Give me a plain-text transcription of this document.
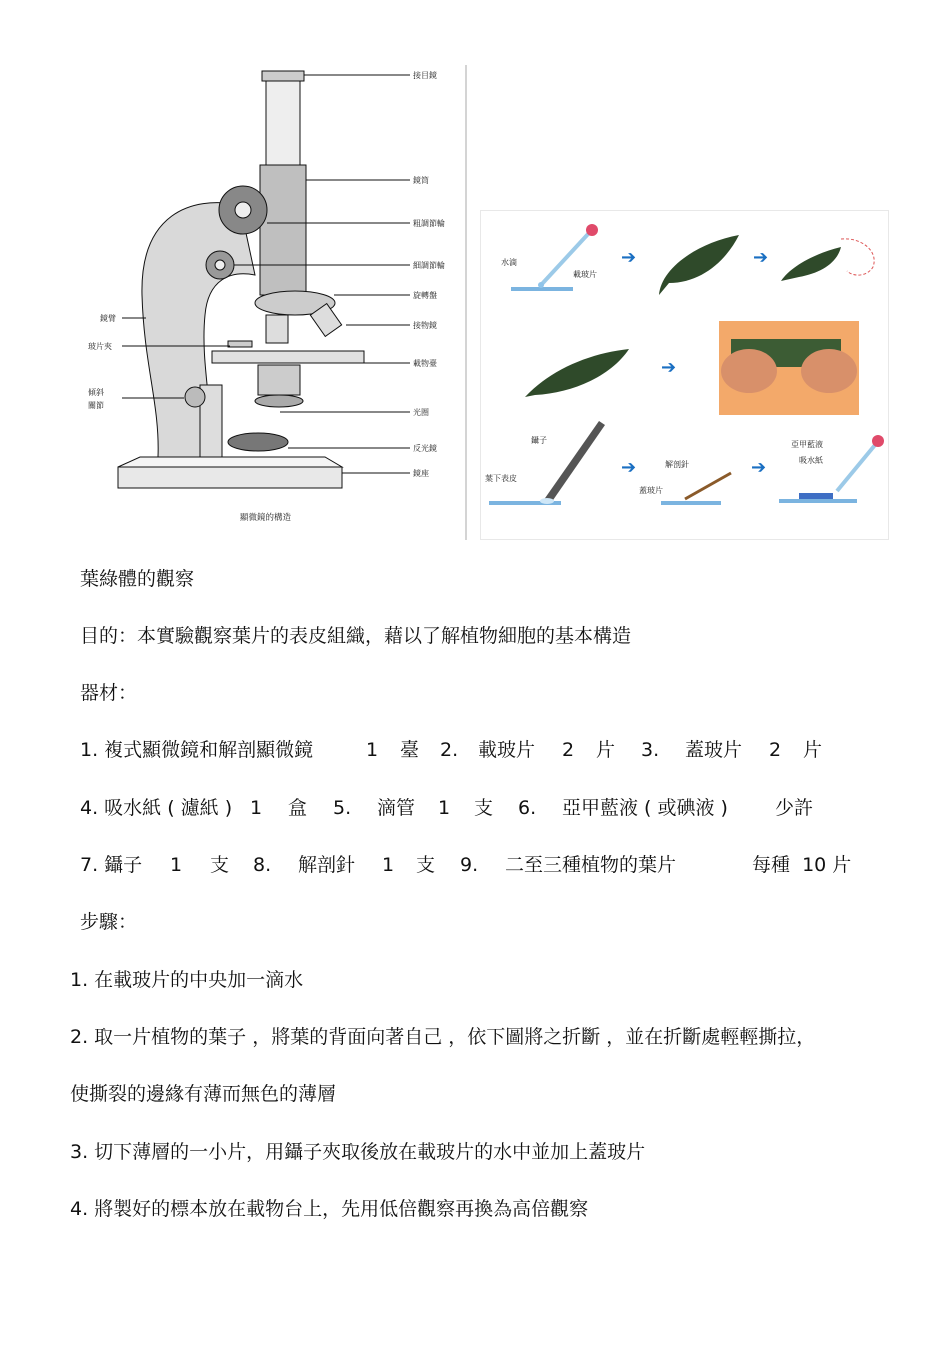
接目鏡
鏡筒
粗調節輪
細調節輪
旋轉盤
接物鏡
載物臺
光圈
反光鏡
鏡座
鏡臂
玻片夾
傾斜
關節
顯微鏡的構造
水滴
載玻片
➔	➔
➔
鑷子
葉下表皮
➔	解剖針
蓋玻片
➔
亞甲藍液
吸水紙
葉綠體的觀察
目的：本實驗觀察葉片的表皮組織，藉以了解植物細胞的基本構造
器材：
1. 複式顯微鏡和解剖顯微鏡	1 臺 2. 載玻片 2 片 3. 蓋玻片 2 片
4. 吸水紙 ( 濾紙 ) 1 盒 5. 滴管 1 支 6. 亞甲藍液 ( 或碘液 ) 少許
7. 鑷子 1 支 8. 解剖針 1 支 9. 二至三種植物的葉片	每種  10 片
步驟：
1. 在載玻片的中央加一滴水
2. 取一片植物的葉子 ，將葉的背面向著自己 ，依下圖將之折斷 ，並在折斷處輕輕撕拉，
使撕裂的邊緣有薄而無色的薄層
3. 切下薄層的一小片，用鑷子夾取後放在載玻片的水中並加上蓋玻片
4. 將製好的標本放在載物台上，先用低倍觀察再換為高倍觀察
